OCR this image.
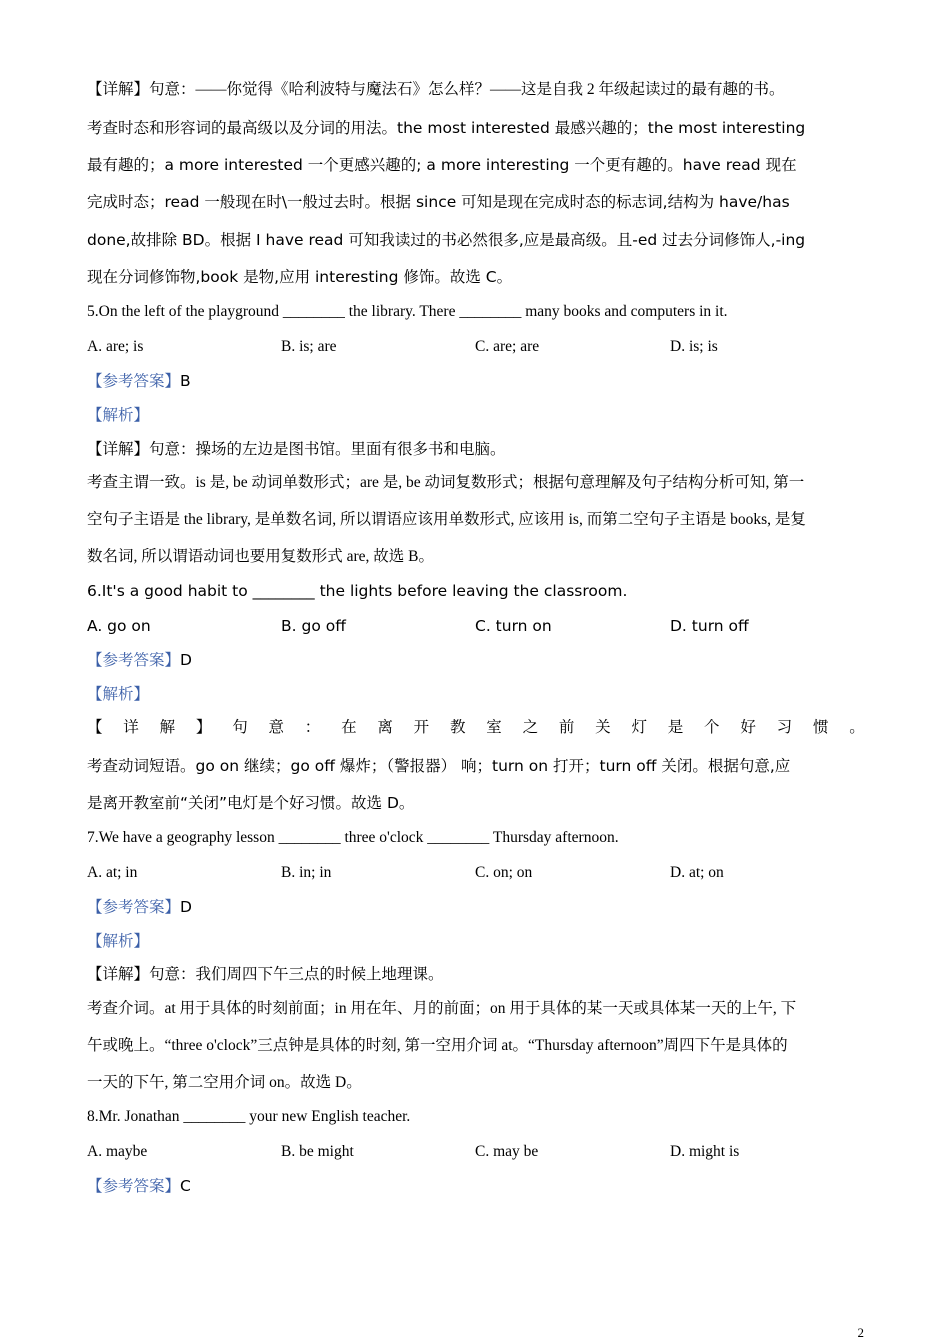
【详解】句意：——你觉得《哈利波特与魔法石》怎么样？——这是自我 2 年级起读过的最有趣的书。
考查时态和形容词的最高级以及分词的用法。the most interested 最感兴趣的；the most interesting
最有趣的；a more interested 一个更感兴趣的; a more interesting 一个更有趣的。have read 现在
完成时态；read 一般现在时\一般过去时。根据 since 可知是现在完成时态的标志词,结构为 have/has
done,故排除 BD。根据 I have read 可知我读过的书必然很多,应是最高级。且-ed 过去分词修饰人,-ing
现在分词修饰物,book 是物,应用 interesting 修饰。故选 C。
5.On the left of the playground ________ the library. There ________ many books and computers in it.
A. are; is	B. is; are	C. are; are	D. is; is
【参考答案】B
【解析】
【详解】句意：操场的左边是图书馆。里面有很多书和电脑。
考查主谓一致。is 是, be 动词单数形式；are 是, be 动词复数形式；根据句意理解及句子结构分析可知, 第一
空句子主语是 the library, 是单数名词, 所以谓语应该用单数形式, 应该用 is, 而第二空句子主语是 books, 是复
数名词, 所以谓语动词也要用复数形式 are, 故选 B。
6.It's a good habit to ________ the lights before leaving the classroom.
A. go on	B. go off	C. turn on	D. turn off
【参考答案】D
【解析】
【 详 解 】 句 意 ： 在 离 开 教 室 之 前 关 灯 是 个 好 习 惯 。
考查动词短语。go on 继续；go off 爆炸；（警报器） 响；turn on 打开；turn off 关闭。根据句意,应
是离开教室前“关闭”电灯是个好习惯。故选 D。
7.We have a geography lesson ________ three o'clock ________ Thursday afternoon.
A. at; in	B. in; in	C. on; on	D. at; on
【参考答案】D
【解析】
【详解】句意：我们周四下午三点的时候上地理课。
考查介词。at 用于具体的时刻前面；in 用在年、月的前面；on 用于具体的某一天或具体某一天的上午, 下
午或晚上。“three o'clock”三点钟是具体的时刻, 第一空用介词 at。“Thursday afternoon”周四下午是具体的
一天的下午, 第二空用介词 on。故选 D。
8.Mr. Jonathan ________ your new English teacher.
A. maybe	B. be might	C. may be	D. might is
【参考答案】C
2
